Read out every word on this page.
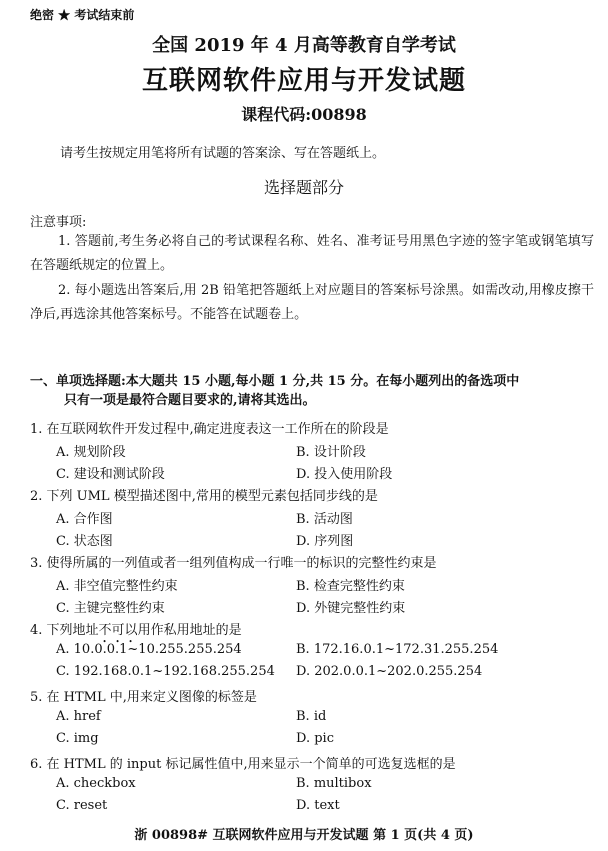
绝密 ★ 考试结束前
全国 2019 年 4 月高等教育自学考试
互联网软件应用与开发试题
课程代码:00898
请考生按规定用笔将所有试题的答案涂、写在答题纸上。
选择题部分
注意事项:
1. 答题前,考生务必将自己的考试课程名称、姓名、准考证号用黑色字迹的签字笔或钢笔填写在答题纸规定的位置上。
2. 每小题选出答案后,用 2B 铅笔把答题纸上对应题目的答案标号涂黑。如需改动,用橡皮擦干净后,再选涂其他答案标号。不能答在试题卷上。
一、单项选择题:本大题共 15 小题,每小题 1 分,共 15 分。在每小题列出的备选项中
只有一项是最符合题目要求的,请将其选出。
1. 在互联网软件开发过程中,确定进度表这一工作所在的阶段是
A. 规划阶段	B. 设计阶段
C. 建设和测试阶段	D. 投入使用阶段
2. 下列 UML 模型描述图中,常用的模型元素包括同步线的是
A. 合作图	B. 活动图
C. 状态图	D. 序列图
3. 使得所属的一列值或者一组列值构成一行唯一的标识的完整性约束是
A. 非空值完整性约束	B. 检查完整性约束
C. 主键完整性约束	D. 外键完整性约束
4. 下列地址不可以用作私用地址的是
A. 10.0.0.1~10.255.255.254	B. 172.16.0.1~172.31.255.254
C. 192.168.0.1~192.168.255.254 D. 202.0.0.1~202.0.255.254
5. 在 HTML 中,用来定义图像的标签是
A. href	B. id
C. img	D. pic
6. 在 HTML 的 input 标记属性值中,用来显示一个简单的可选复选框的是
A. checkbox	B. multibox
C. reset	D. text
浙 00898# 互联网软件应用与开发试题 第 1 页(共 4 页)
